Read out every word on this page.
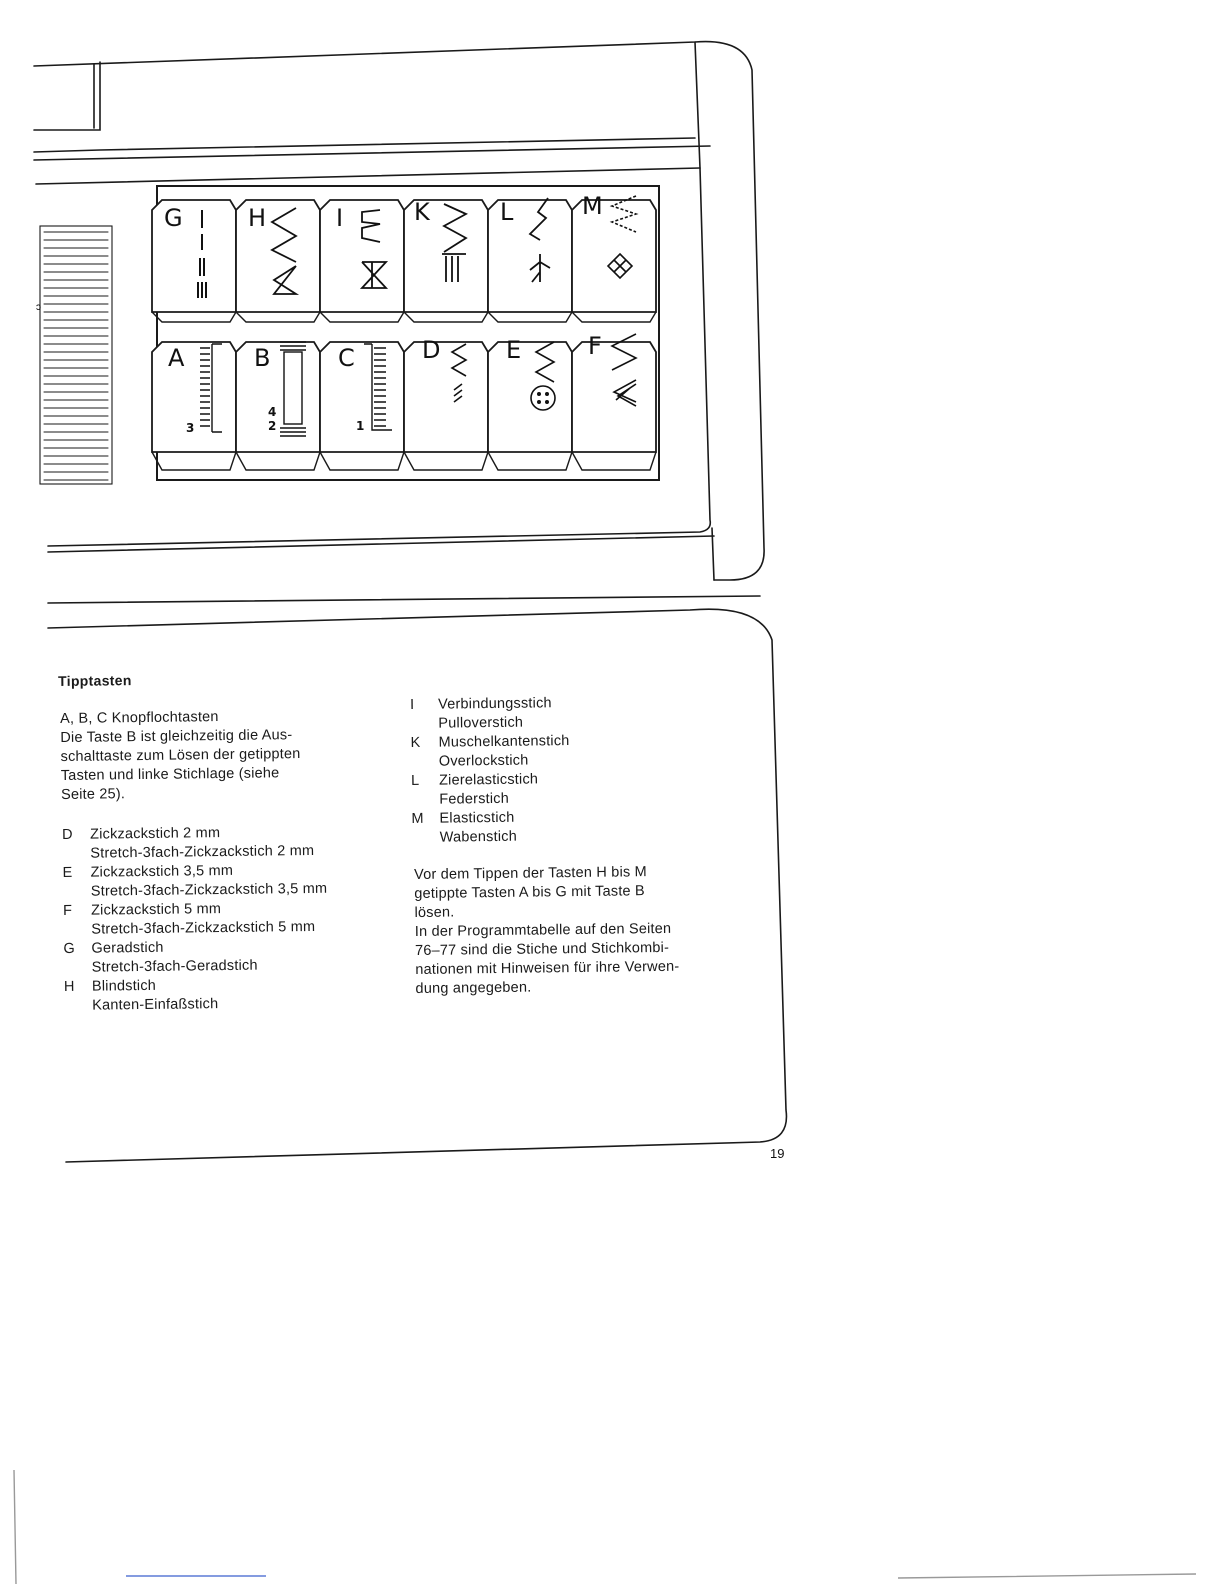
G	H	I	K	L	M
A
3
B
4
2
C
1
D	E	F
ɔ
19
Tipptasten
A, B, C Knopflochtasten
Die Taste B ist gleichzeitig die Aus-
schalttaste zum Lösen der getippten
Tasten und linke Stichlage (siehe
Seite 25).
D Zickzackstich 2 mm
Stretch-3fach-Zickzackstich 2 mm
E Zickzackstich 3,5 mm
Stretch-3fach-Zickzackstich 3,5 mm
F Zickzackstich 5 mm
Stretch-3fach-Zickzackstich 5 mm
G Geradstich
Stretch-3fach-Geradstich
H Blindstich
Kanten-Einfaßstich
I Verbindungsstich
Pulloverstich
K Muschelkantenstich
Overlockstich
L Zierelasticstich
Federstich
M Elasticstich
Wabenstich
Vor dem Tippen der Tasten H bis M
getippte Tasten A bis G mit Taste B
lösen.
In der Programmtabelle auf den Seiten
76–77 sind die Stiche und Stichkombi-
nationen mit Hinweisen für ihre Verwen-
dung angegeben.
